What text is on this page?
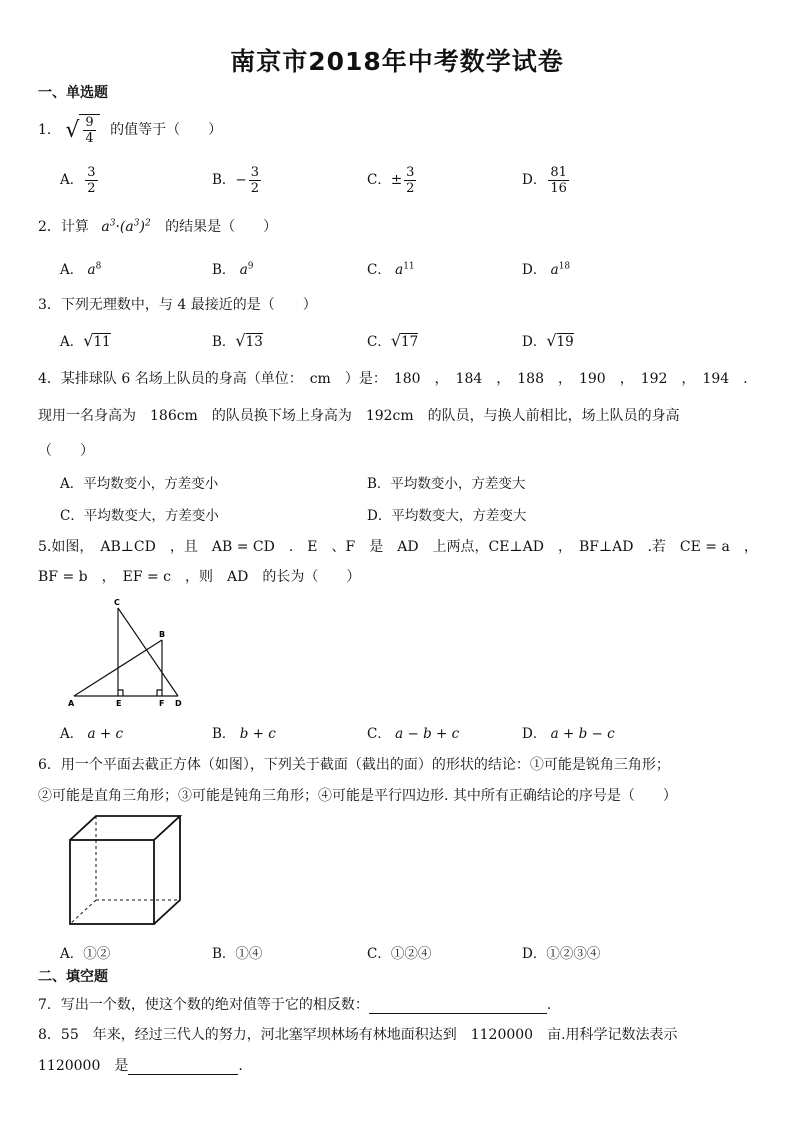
南京市2018年中考数学试卷
一、单选题
1． √ $\frac{9}{4}$ 的值等于（　　）
A． $\frac{3}{2}$	B．− $\frac{3}{2}$	C．± $\frac{3}{2}$	D． $\frac{81}{16}$
2．计算 $a^3\cdot(a^3)^2$ 的结果是（　　）
A． $a^8$	B． $a^9$	C． $a^{11}$	D． $a^{18}$
3．下列无理数中，与 4 最接近的是（　　）
A．√11	B．√13	C．√17	D．√19
4．某排球队 6 名场上队员的身高（单位：　cm　）是：　180　，　184　，　188　，　190　，　192　，　194　.
现用一名身高为　186cm　的队员换下场上身高为　192cm　的队员，与换人前相比，场上队员的身高
（　　）
A．平均数变小，方差变小	B．平均数变小，方差变大
C．平均数变大，方差变小	D．平均数变大，方差变大
5.如图，　AB⊥CD　，且　AB = CD　.　E　、F　是　AD　上两点，CE⊥AD　，　BF⊥AD　.若　CE = a　，
BF = b　，　EF = c　，则　AD　的长为（　　）
C
B
A	E	F D
A． a + c	B． b + c	C． a − b + c	D． a + b − c
6．用一个平面去截正方体（如图），下列关于截面（截出的面）的形状的结论：①可能是锐角三角形；
②可能是直角三角形；③可能是钝角三角形；④可能是平行四边形. 其中所有正确结论的序号是（　　）
A．①②	B．①④	C．①②④	D．①②③④
二、填空题
7．写出一个数，使这个数的绝对值等于它的相反数：	.
8．55　年来，经过三代人的努力，河北塞罕坝林场有林地面积达到　1120000　亩.用科学记数法表示
1120000　是	.
